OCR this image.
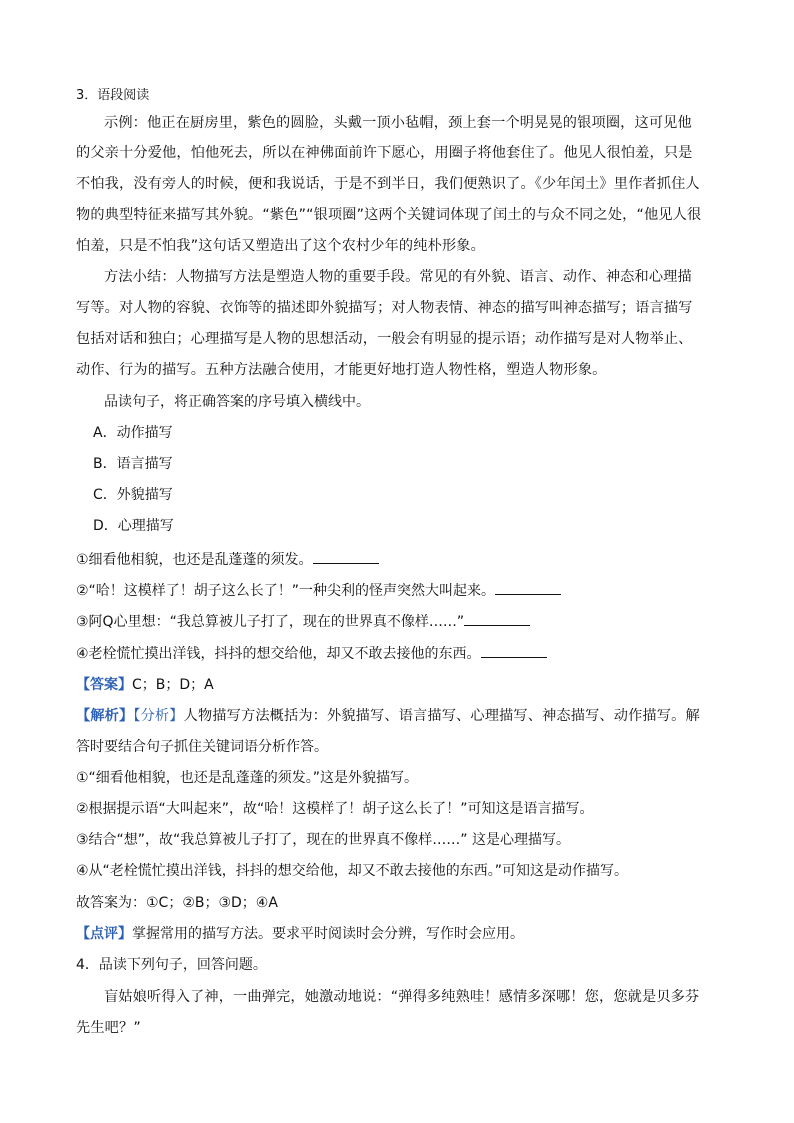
3．语段阅读
示例：他正在厨房里，紫色的圆脸，头戴一顶小毡帽，颈上套一个明晃晃的银项圈，这可见他
的父亲十分爱他，怕他死去，所以在神佛面前许下愿心，用圈子将他套住了。他见人很怕羞，只是
不怕我，没有旁人的时候，便和我说话，于是不到半日，我们便熟识了。《少年闰土》里作者抓住人
物的典型特征来描写其外貌。“紫色”“银项圈”这两个关键词体现了闰土的与众不同之处，“他见人很
怕羞，只是不怕我”这句话又塑造出了这个农村少年的纯朴形象。
方法小结：人物描写方法是塑造人物的重要手段。常见的有外貌、语言、动作、神态和心理描
写等。对人物的容貌、衣饰等的描述即外貌描写；对人物表情、神态的描写叫神态描写；语言描写
包括对话和独白；心理描写是人物的思想活动，一般会有明显的提示语；动作描写是对人物举止、
动作、行为的描写。五种方法融合使用，才能更好地打造人物性格，塑造人物形象。
品读句子，将正确答案的序号填入横线中。
A．动作描写
B．语言描写
C．外貌描写
D．心理描写
①细看他相貌，也还是乱蓬蓬的须发。
②“哈！这模样了！胡子这么长了！”一种尖利的怪声突然大叫起来。
③阿Q心里想：“我总算被儿子打了，现在的世界真不像样……”
④老栓慌忙摸出洋钱，抖抖的想交给他，却又不敢去接他的东西。
【答案】C；B；D；A
【解析】【分析】人物描写方法概括为：外貌描写、语言描写、心理描写、神态描写、动作描写。解
答时要结合句子抓住关键词语分析作答。
①“细看他相貌，也还是乱蓬蓬的须发。”这是外貌描写。
②根据提示语“大叫起来”，故“哈！这模样了！胡子这么长了！”可知这是语言描写。
③结合“想”，故“我总算被儿子打了，现在的世界真不像样……” 这是心理描写。
④从“老栓慌忙摸出洋钱，抖抖的想交给他，却又不敢去接他的东西。”可知这是动作描写。
故答案为：①C；②B；③D；④A
【点评】掌握常用的描写方法。要求平时阅读时会分辨，写作时会应用。
4．品读下列句子，回答问题。
盲姑娘听得入了神，一曲弹完，她激动地说：“弹得多纯熟哇！感情多深哪！您，您就是贝多芬
先生吧？”
